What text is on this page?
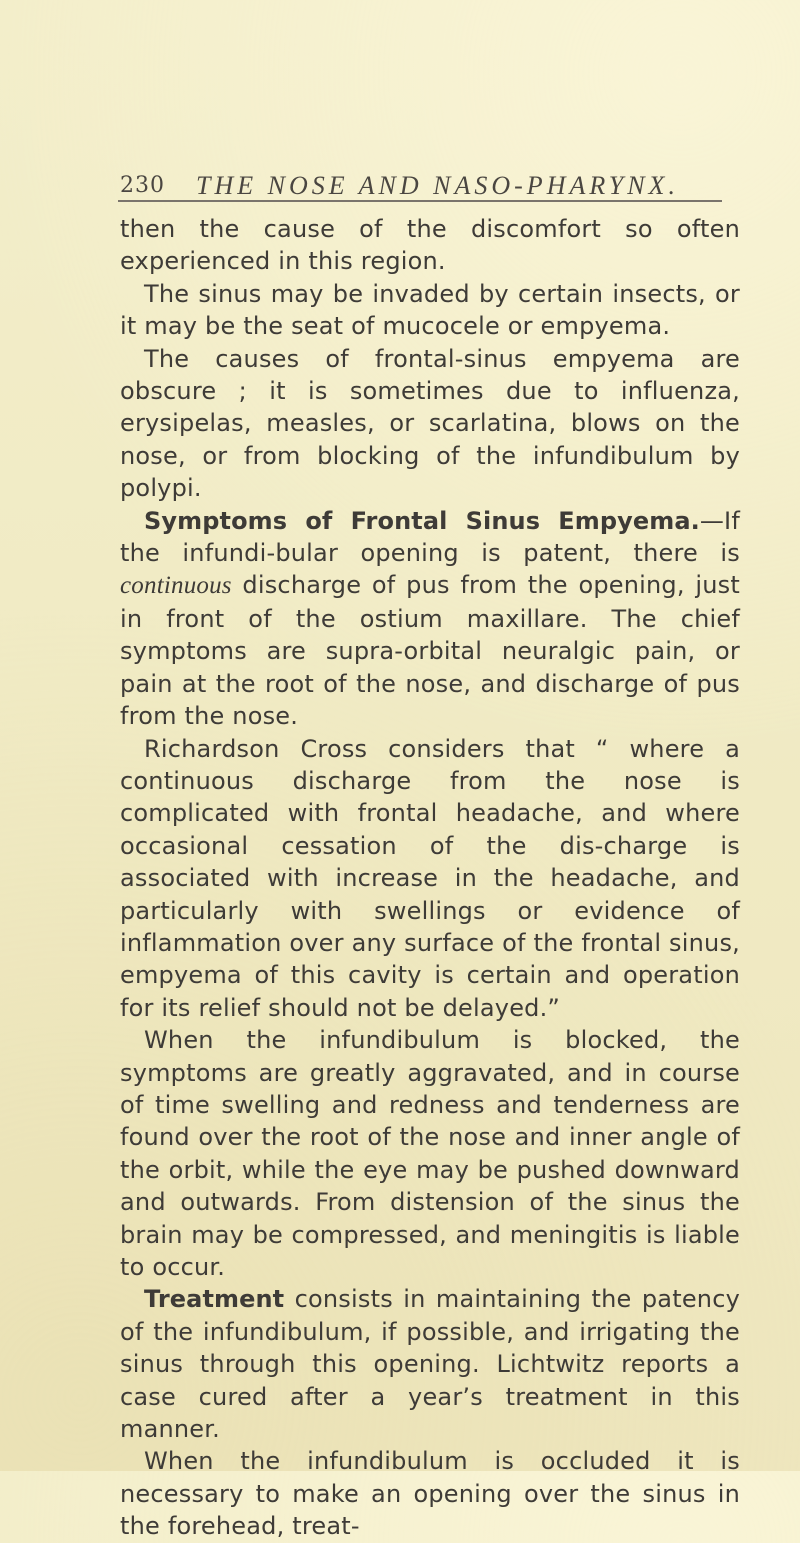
230 THE NOSE AND NASO-PHARYNX.

then the cause of the discomfort so often experienced in this region.

The sinus may be invaded by certain insects, or it may be the seat of mucocele or empyema.

The causes of frontal-sinus empyema are obscure ; it is sometimes due to influenza, erysipelas, measles, or scarlatina, blows on the nose, or from blocking of the infundibulum by polypi.

Symptoms of Frontal Sinus Empyema.—If the infundi-bular opening is patent, there is continuous discharge of pus from the opening, just in front of the ostium maxillare. The chief symptoms are supra-orbital neuralgic pain, or pain at the root of the nose, and discharge of pus from the nose.

Richardson Cross considers that “ where a continuous discharge from the nose is complicated with frontal headache, and where occasional cessation of the dis-charge is associated with increase in the headache, and particularly with swellings or evidence of inflammation over any surface of the frontal sinus, empyema of this cavity is certain and operation for its relief should not be delayed.”

When the infundibulum is blocked, the symptoms are greatly aggravated, and in course of time swelling and redness and tenderness are found over the root of the nose and inner angle of the orbit, while the eye may be pushed downward and outwards. From distension of the sinus the brain may be compressed, and meningitis is liable to occur.

Treatment consists in maintaining the patency of the infundibulum, if possible, and irrigating the sinus through this opening. Lichtwitz reports a case cured after a year’s treatment in this manner.

When the infundibulum is occluded it is necessary to make an opening over the sinus in the forehead, treat-
